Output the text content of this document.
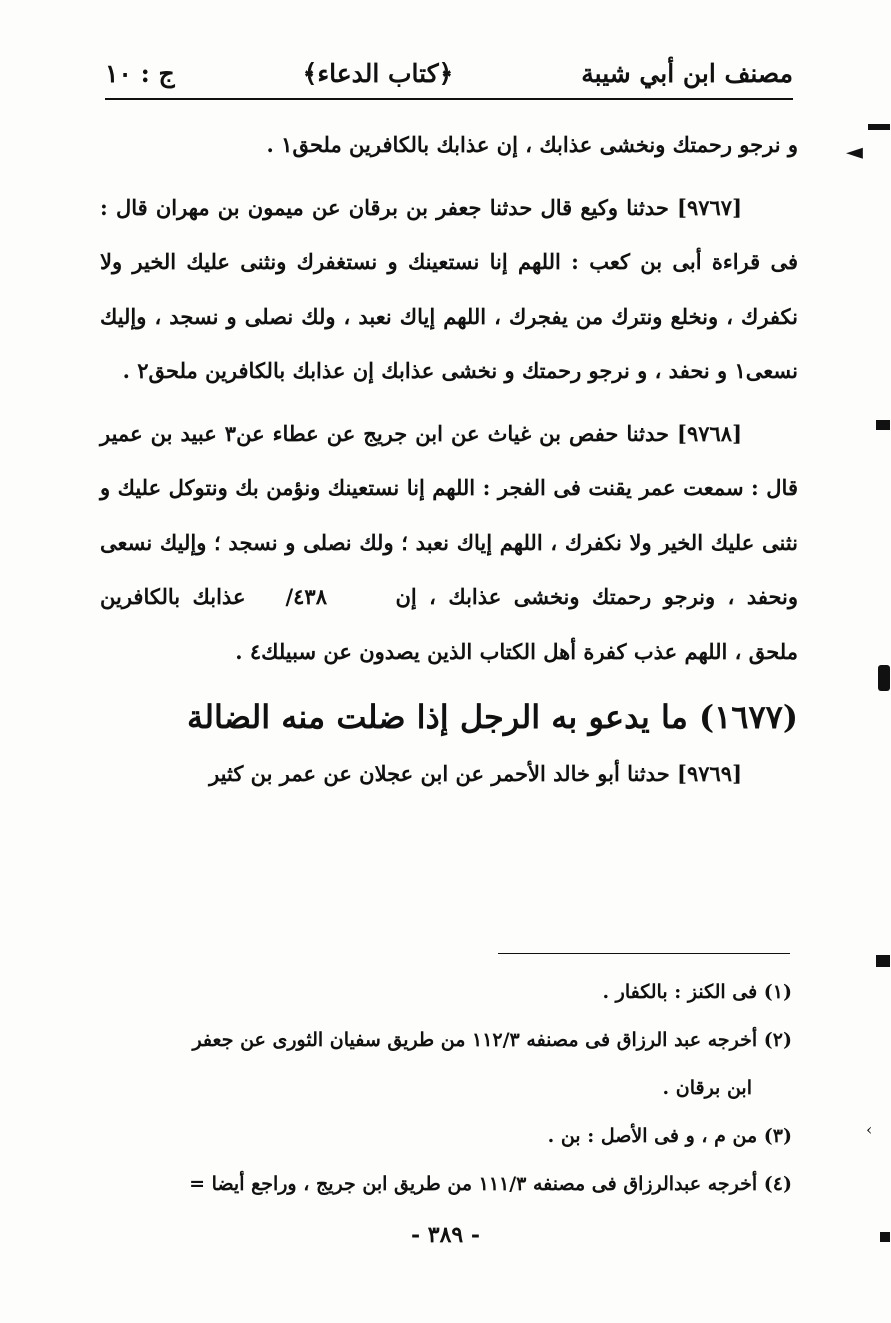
مصنف ابن أبي شيبة
﴿كتاب الدعاء﴾
ج : ١٠

و نرجو رحمتك ونخشى عذابك ، إن عذابك بالكافرين ملحق١ .

[٩٧٦٧] حدثنا وكيع قال حدثنا جعفر بن برقان عن ميمون بن مهران قال : فى قراءة أبى بن كعب : اللهم إنا نستعينك و نستغفرك ونثنى عليك الخير ولا نكفرك ، ونخلع ونترك من يفجرك ، اللهم إياك نعبد ، ولك نصلى و نسجد ، وإليك نسعى١ و نحفد ، و نرجو رحمتك و نخشى عذابك إن عذابك بالكافرين ملحق٢ .

[٩٧٦٨] حدثنا حفص بن غياث عن ابن جريج عن عطاء عن٣ عبيد بن عمير قال : سمعت عمر يقنت فى الفجر : اللهم إنا نستعينك ونؤمن بك ونتوكل عليك و نثنى عليك الخير ولا نكفرك ، اللهم إياك نعبد ؛ ولك نصلى و نسجد ؛ وإليك نسعى ونحفد ، ونرجو رحمتك ونخشى عذابك ، إن ٤٣٨/عذابك بالكافرين ملحق ، اللهم عذب كفرة أهل الكتاب الذين يصدون عن سبيلك٤ .

(١٦٧٧) ما يدعو به الرجل إذا ضلت منه الضالة

[٩٧٦٩] حدثنا أبو خالد الأحمر عن ابن عجلان عن عمر بن كثير

(١) فى الكنز : بالكفار .

(٢) أخرجه عبد الرزاق فى مصنفه ١١٢/٣ من طريق سفيان الثورى عن جعفر

ابن برقان .

(٣) من م ، و فى الأصل : بن .

(٤) أخرجه عبدالرزاق فى مصنفه ١١١/٣ من طريق ابن جريج ، وراجع أيضا =

- ٣٨٩ -
◄
‹
